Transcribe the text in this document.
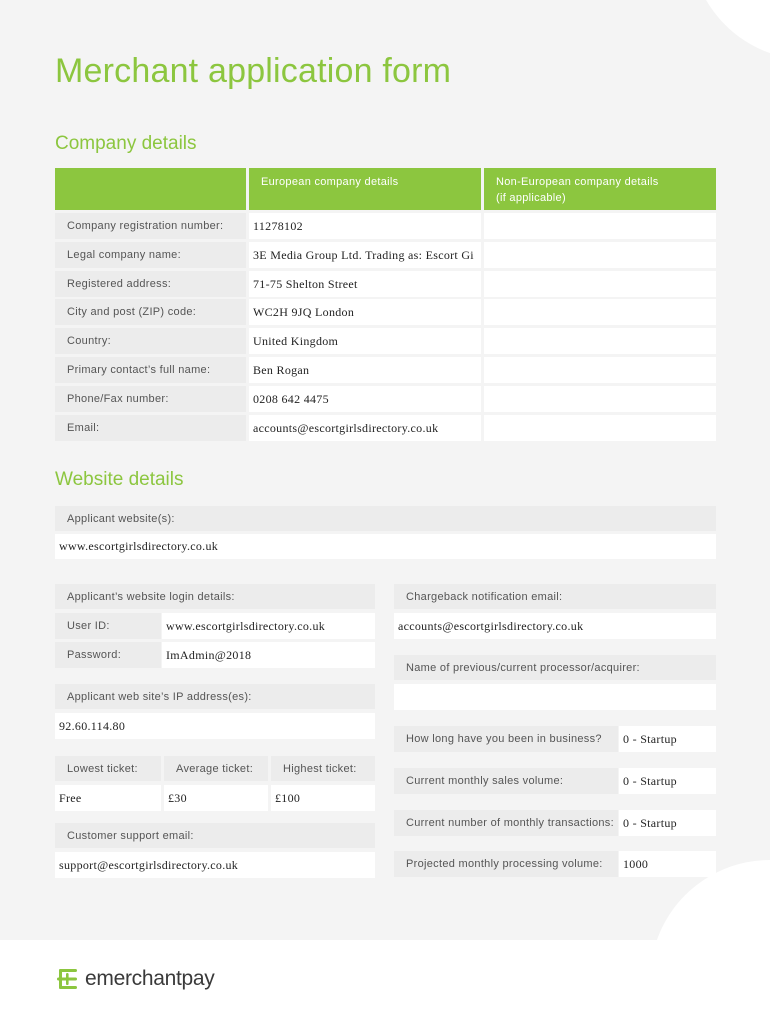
Merchant application form
Company details
European company details	Non-European company details
(if applicable)
Company registration number:	11278102
Legal company name:	3E Media Group Ltd. Trading as: Escort Gi
Registered address:	71-75 Shelton Street
City and post (ZIP) code:	WC2H 9JQ London
Country:	United Kingdom
Primary contact’s full name:	Ben Rogan
Phone/Fax number:	0208 642 4475
Email:	accounts@escortgirlsdirectory.co.uk
Website details
Applicant website(s):
www.escortgirlsdirectory.co.uk
Applicant’s website login details:
User ID:	www.escortgirlsdirectory.co.uk
Password:	ImAdmin@2018
Applicant web site’s IP address(es):
92.60.114.80
Lowest ticket:	Average ticket:	Highest ticket:
Free	£30	£100
Customer support email:
support@escortgirlsdirectory.co.uk
Chargeback notification email:
accounts@escortgirlsdirectory.co.uk
Name of previous/current processor/acquirer:
How long have you been in business?	0 - Startup
Current monthly sales volume:	0 - Startup
Current number of monthly transactions: 0 - Startup
Projected monthly processing volume:	1000
emerchantpay
